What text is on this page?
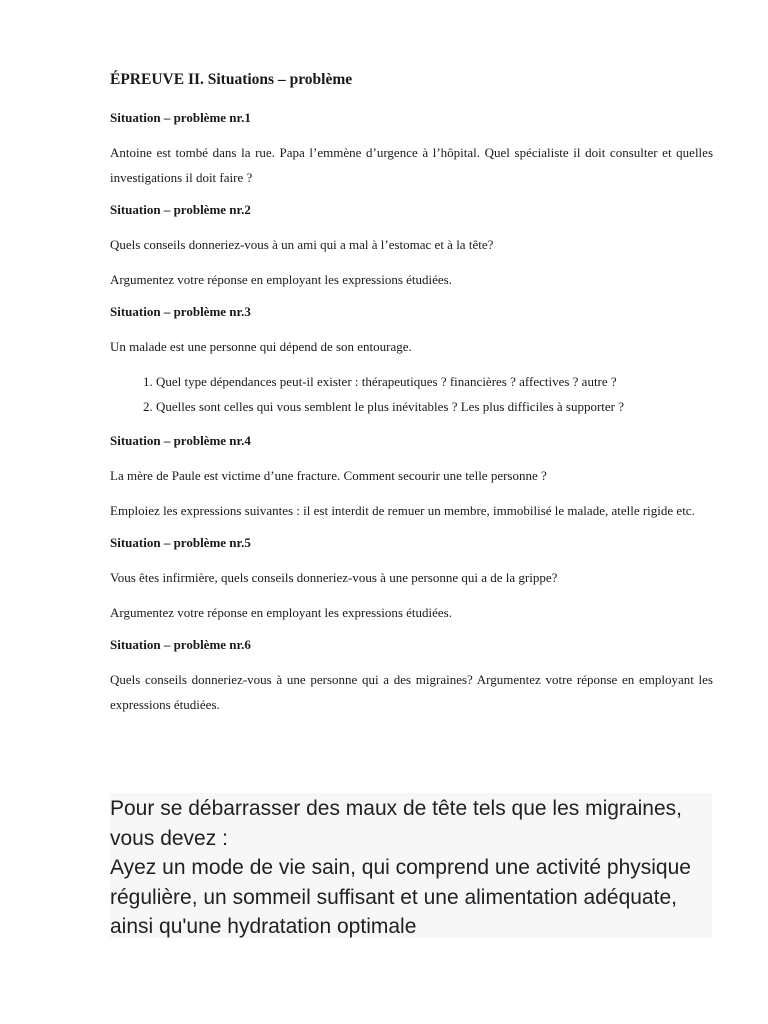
ÉPREUVE II. Situations – problème
Situation – problème nr.1

Antoine est tombé dans la rue. Papa l’emmène d’urgence à l’hôpital. Quel spécialiste il doit consulter et quelles investigations il doit faire ?

Situation – problème nr.2

Quels conseils donneriez-vous à un ami qui a mal à l’estomac et à la tête?

Argumentez votre réponse en employant les expressions étudiées.

Situation – problème nr.3

Un malade est une personne qui dépend de son entourage.

1. Quel type dépendances peut-il exister : thérapeutiques ? financières ? affectives ? autre ?
2. Quelles sont celles qui vous semblent le plus inévitables ? Les plus difficiles à supporter ?
Situation – problème nr.4

La mère de Paule est victime d’une fracture. Comment secourir une telle personne ?

Emploiez les expressions suivantes : il est interdit de remuer un membre, immobilisé le malade, atelle rigide etc.

Situation – problème nr.5

Vous êtes infirmière, quels conseils donneriez-vous à une personne qui a de la grippe?

Argumentez votre réponse en employant les expressions étudiées.

Situation – problème nr.6

Quels conseils donneriez-vous à une personne qui a des migraines? Argumentez votre réponse en employant les expressions étudiées.

Pour se débarrasser des maux de tête tels que les migraines, vous devez :

Ayez un mode de vie sain, qui comprend une activité physique régulière, un sommeil suffisant et une alimentation adéquate, ainsi qu'une hydratation optimale
